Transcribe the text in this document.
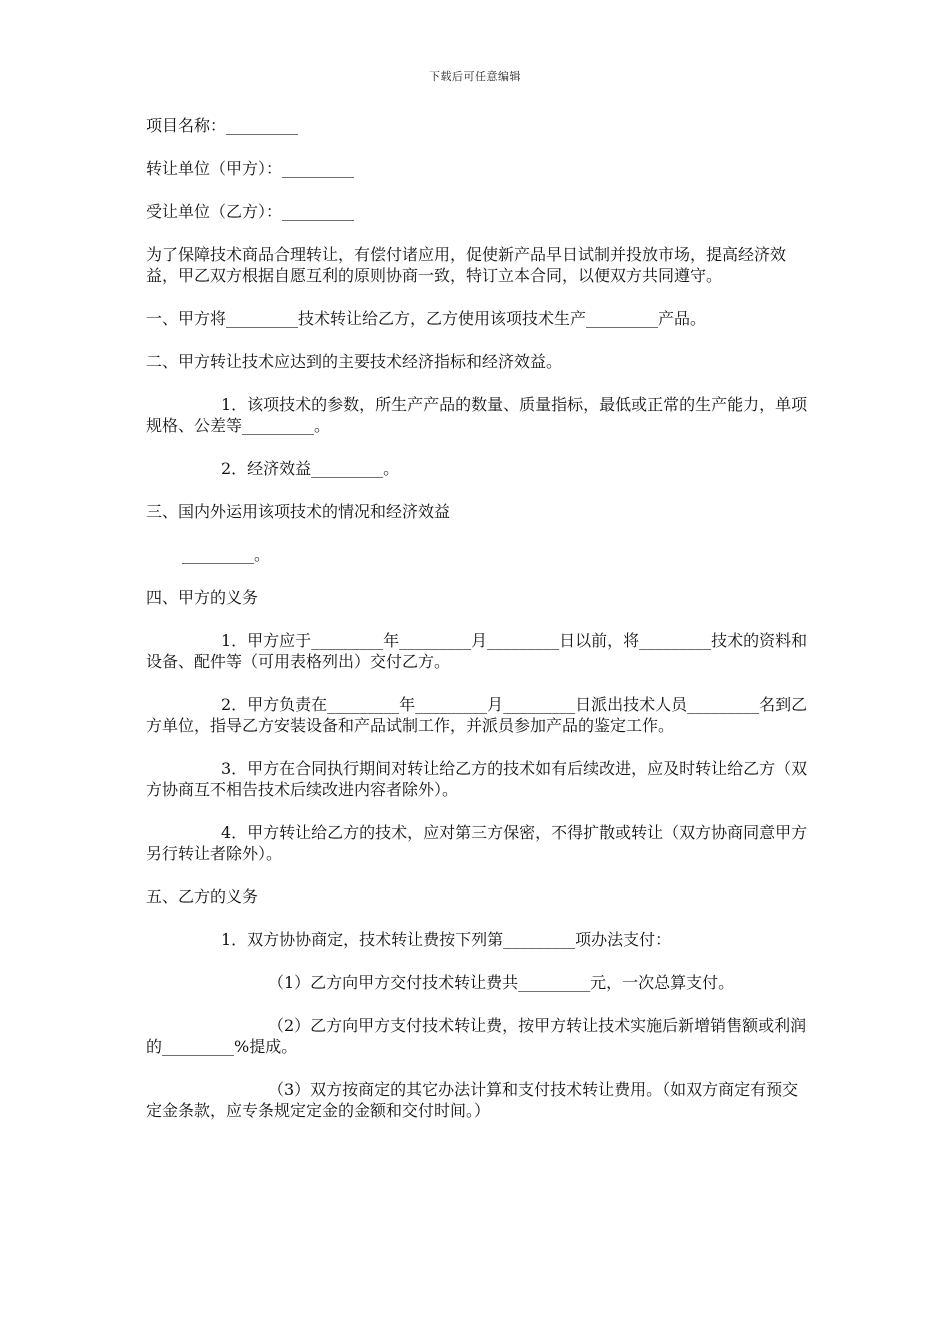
下载后可任意编辑

项目名称：_________

转让单位（甲方）：_________

受让单位（乙方）：_________

为了保障技术商品合理转让，有偿付诸应用，促使新产品早日试制并投放市场，提高经济效益，甲乙双方根据自愿互利的原则协商一致，特订立本合同，以便双方共同遵守。

一、甲方将_________技术转让给乙方，乙方使用该项技术生产_________产品。

二、甲方转让技术应达到的主要技术经济指标和经济效益。

1．该项技术的参数，所生产产品的数量、质量指标，最低或正常的生产能力，单项规格、公差等_________。

2．经济效益_________。

三、国内外运用该项技术的情况和经济效益

_________。

四、甲方的义务

1．甲方应于_________年_________月_________日以前，将_________技术的资料和设备、配件等（可用表格列出）交付乙方。

2．甲方负责在_________年_________月_________日派出技术人员_________名到乙方单位，指导乙方安装设备和产品试制工作，并派员参加产品的鉴定工作。

3．甲方在合同执行期间对转让给乙方的技术如有后续改进，应及时转让给乙方（双方协商互不相告技术后续改进内容者除外）。

4．甲方转让给乙方的技术，应对第三方保密，不得扩散或转让（双方协商同意甲方另行转让者除外）。

五、乙方的义务

1．双方协协商定，技术转让费按下列第_________项办法支付：

（1）乙方向甲方交付技术转让费共_________元，一次总算支付。

（2）乙方向甲方支付技术转让费，按甲方转让技术实施后新增销售额或利润的_________%提成。

（3）双方按商定的其它办法计算和支付技术转让费用。（如双方商定有预交定金条款，应专条规定定金的金额和交付时间。）
